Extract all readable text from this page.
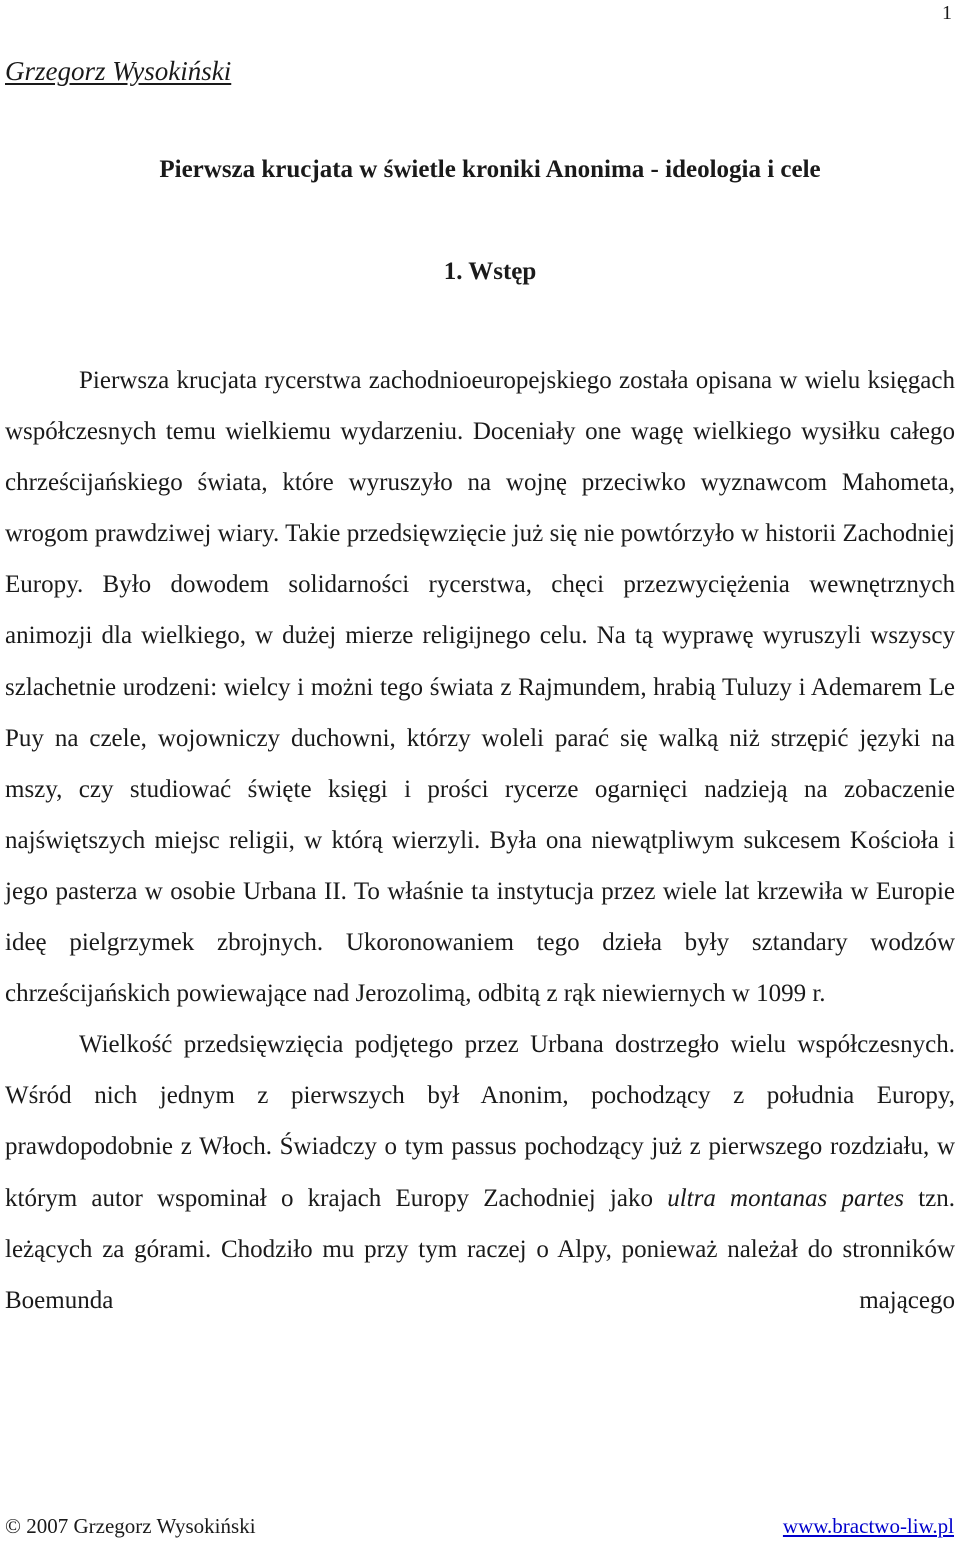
1
Grzegorz Wysokiński
Pierwsza krucjata w świetle kroniki Anonima - ideologia i cele
1. Wstęp

Pierwsza krucjata rycerstwa zachodnioeuropejskiego została opisana w wielu księgach współczesnych temu wielkiemu wydarzeniu. Doceniały one wagę wielkiego wysiłku całego chrześcijańskiego świata, które wyruszyło na wojnę przeciwko wyznawcom Mahometa, wrogom prawdziwej wiary. Takie przedsięwzięcie już się nie powtórzyło w historii Zachodniej Europy. Było dowodem solidarności rycerstwa, chęci przezwyciężenia wewnętrznych animozji dla wielkiego, w dużej mierze religijnego celu. Na tą wyprawę wyruszyli wszyscy szlachetnie urodzeni: wielcy i możni tego świata z Rajmundem, hrabią Tuluzy i Ademarem Le Puy na czele, wojowniczy duchowni, którzy woleli parać się walką niż strzępić języki na mszy, czy studiować święte księgi i prości rycerze ogarnięci nadzieją na zobaczenie najświętszych miejsc religii, w którą wierzyli. Była ona niewątpliwym sukcesem Kościoła i jego pasterza w osobie Urbana II. To właśnie ta instytucja przez wiele lat krzewiła w Europie ideę pielgrzymek zbrojnych. Ukoronowaniem tego dzieła były sztandary wodzów chrześcijańskich powiewające nad Jerozolimą, odbitą z rąk niewiernych w 1099 r.

Wielkość przedsięwzięcia podjętego przez Urbana dostrzegło wielu współczesnych. Wśród nich jednym z pierwszych był Anonim, pochodzący z południa Europy, prawdopodobnie z Włoch. Świadczy o tym passus pochodzący już z pierwszego rozdziału, w którym autor wspominał o krajach Europy Zachodniej jako ultra montanas partes tzn. leżących za górami. Chodziło mu przy tym raczej o Alpy, ponieważ należał do stronników Boemunda mającego

© 2007 Grzegorz Wysokiński	www.bractwo-liw.pl
